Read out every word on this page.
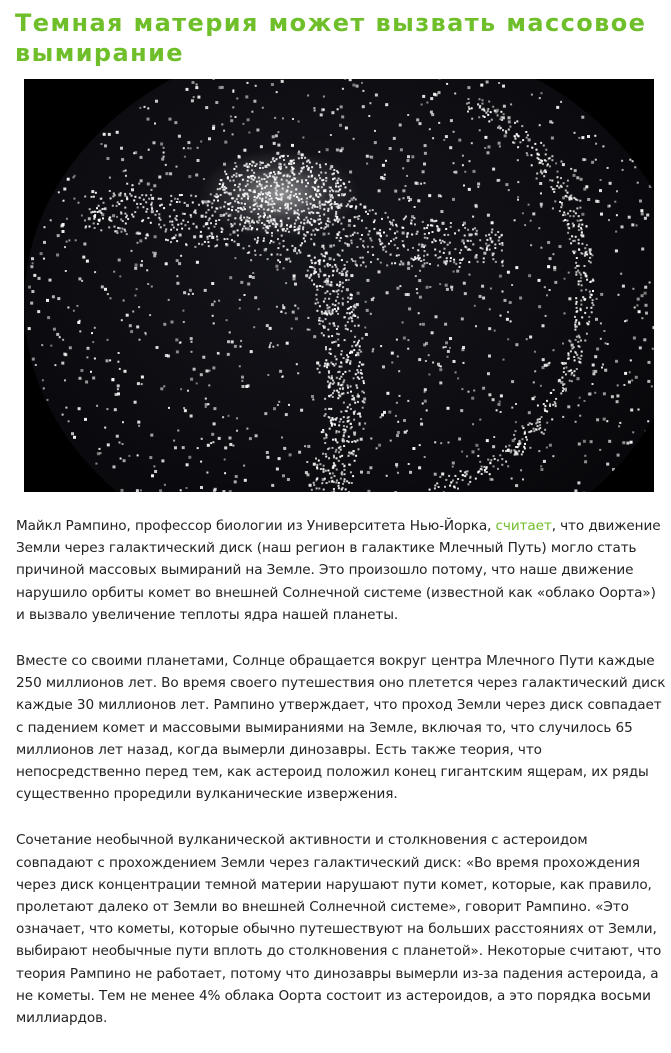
Темная материя может вызвать массовое вымирание

Майкл Рампино, профессор биологии из Университета Нью-Йорка, считает, что движение Земли через галактический диск (наш регион в галактике Млечный Путь) могло стать причиной массовых вымираний на Земле. Это произошло потому, что наше движение нарушило орбиты комет во внешней Солнечной системе (известной как «облако Оорта») и вызвало увеличение теплоты ядра нашей планеты.

Вместе со своими планетами, Солнце обращается вокруг центра Млечного Пути каждые 250 миллионов лет. Во время своего путешествия оно плетется через галактический диск каждые 30 миллионов лет. Рампино утверждает, что проход Земли через диск совпадает с падением комет и массовыми вымираниями на Земле, включая то, что случилось 65 миллионов лет назад, когда вымерли динозавры. Есть также теория, что непосредственно перед тем, как астероид положил конец гигантским ящерам, их ряды существенно проредили вулканические извержения.

Сочетание необычной вулканической активности и столкновения с астероидом совпадают с прохождением Земли через галактический диск: «Во время прохождения через диск концентрации темной материи нарушают пути комет, которые, как правило, пролетают далеко от Земли во внешней Солнечной системе», говорит Рампино. «Это означает, что кометы, которые обычно путешествуют на больших расстояниях от Земли, выбирают необычные пути вплоть до столкновения с планетой». Некоторые считают, что теория Рампино не работает, потому что динозавры вымерли из-за падения астероида, а не кометы. Тем не менее 4% облака Оорта состоит из астероидов, а это порядка восьми миллиардов.
